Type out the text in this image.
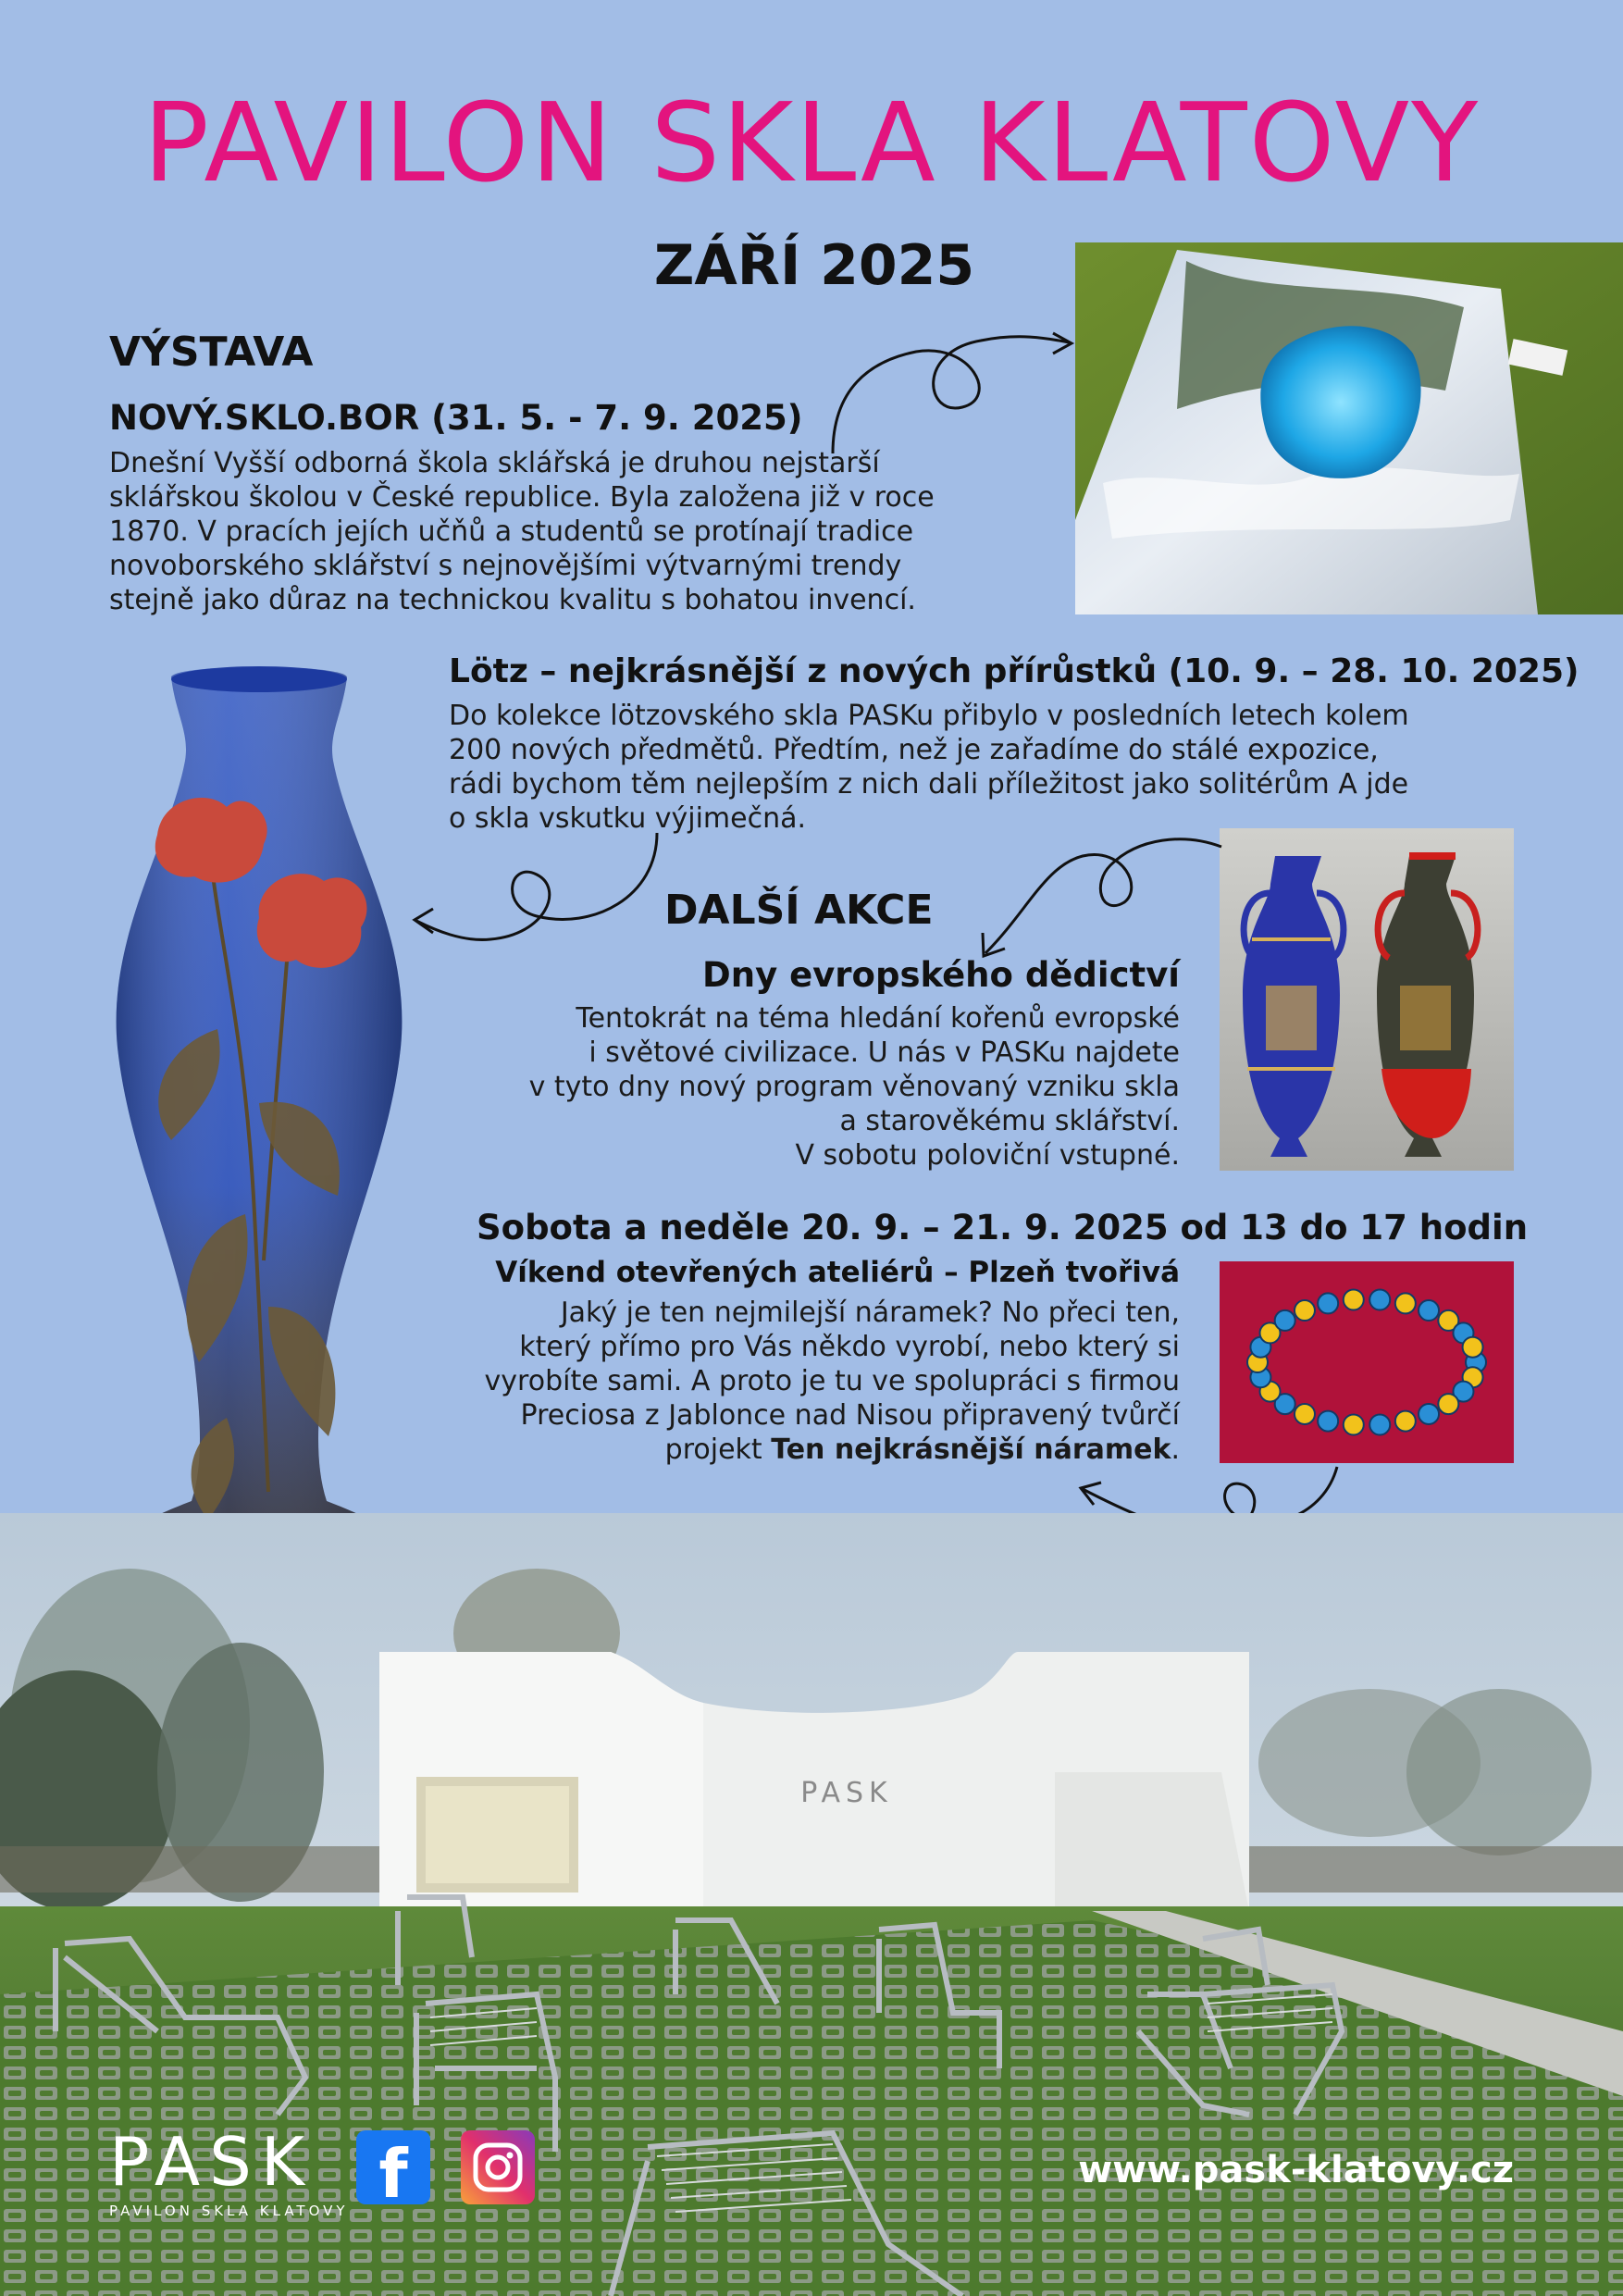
PAVILON SKLA KLATOVY
ZÁŘÍ 2025
VÝSTAVA
NOVÝ.SKLO.BOR (31. 5. - 7. 9. 2025)
Dnešní Vyšší odborná škola sklářská je druhou nejstarší
sklářskou školou v České republice. Byla založena již v roce
1870. V pracích jejích učňů a studentů se protínají tradice
novoborského sklářství s nejnovějšími výtvarnými trendy
stejně jako důraz na technickou kvalitu s bohatou invencí.
Lötz – nejkrásnější z nových přírůstků (10. 9. – 28. 10. 2025)
Do kolekce lötzovského skla PASKu přibylo v posledních letech kolem
200 nových předmětů. Předtím, než je zařadíme do stálé expozice,
rádi bychom těm nejlepším z nich dali příležitost jako solitérům A jde
o skla vskutku výjimečná.
DALŠÍ AKCE
Dny evropského dědictví
Tentokrát na téma hledání kořenů evropské
i světové civilizace. U nás v PASKu najdete
v tyto dny nový program věnovaný vzniku skla
a starověkému sklářství.
V sobotu poloviční vstupné.
Sobota a neděle 20. 9. – 21. 9. 2025 od 13 do 17 hodin
Víkend otevřených ateliérů – Plzeň tvořivá
Jaký je ten nejmilejší náramek? No přeci ten,
který přímo pro Vás někdo vyrobí, nebo který si
vyrobíte sami. A proto je tu ve spolupráci s firmou
Preciosa z Jablonce nad Nisou připravený tvůrčí
projekt Ten nejkrásnější náramek.
PASK
PASK
PAVILON SKLA KLATOVY f	www.pask-klatovy.cz
